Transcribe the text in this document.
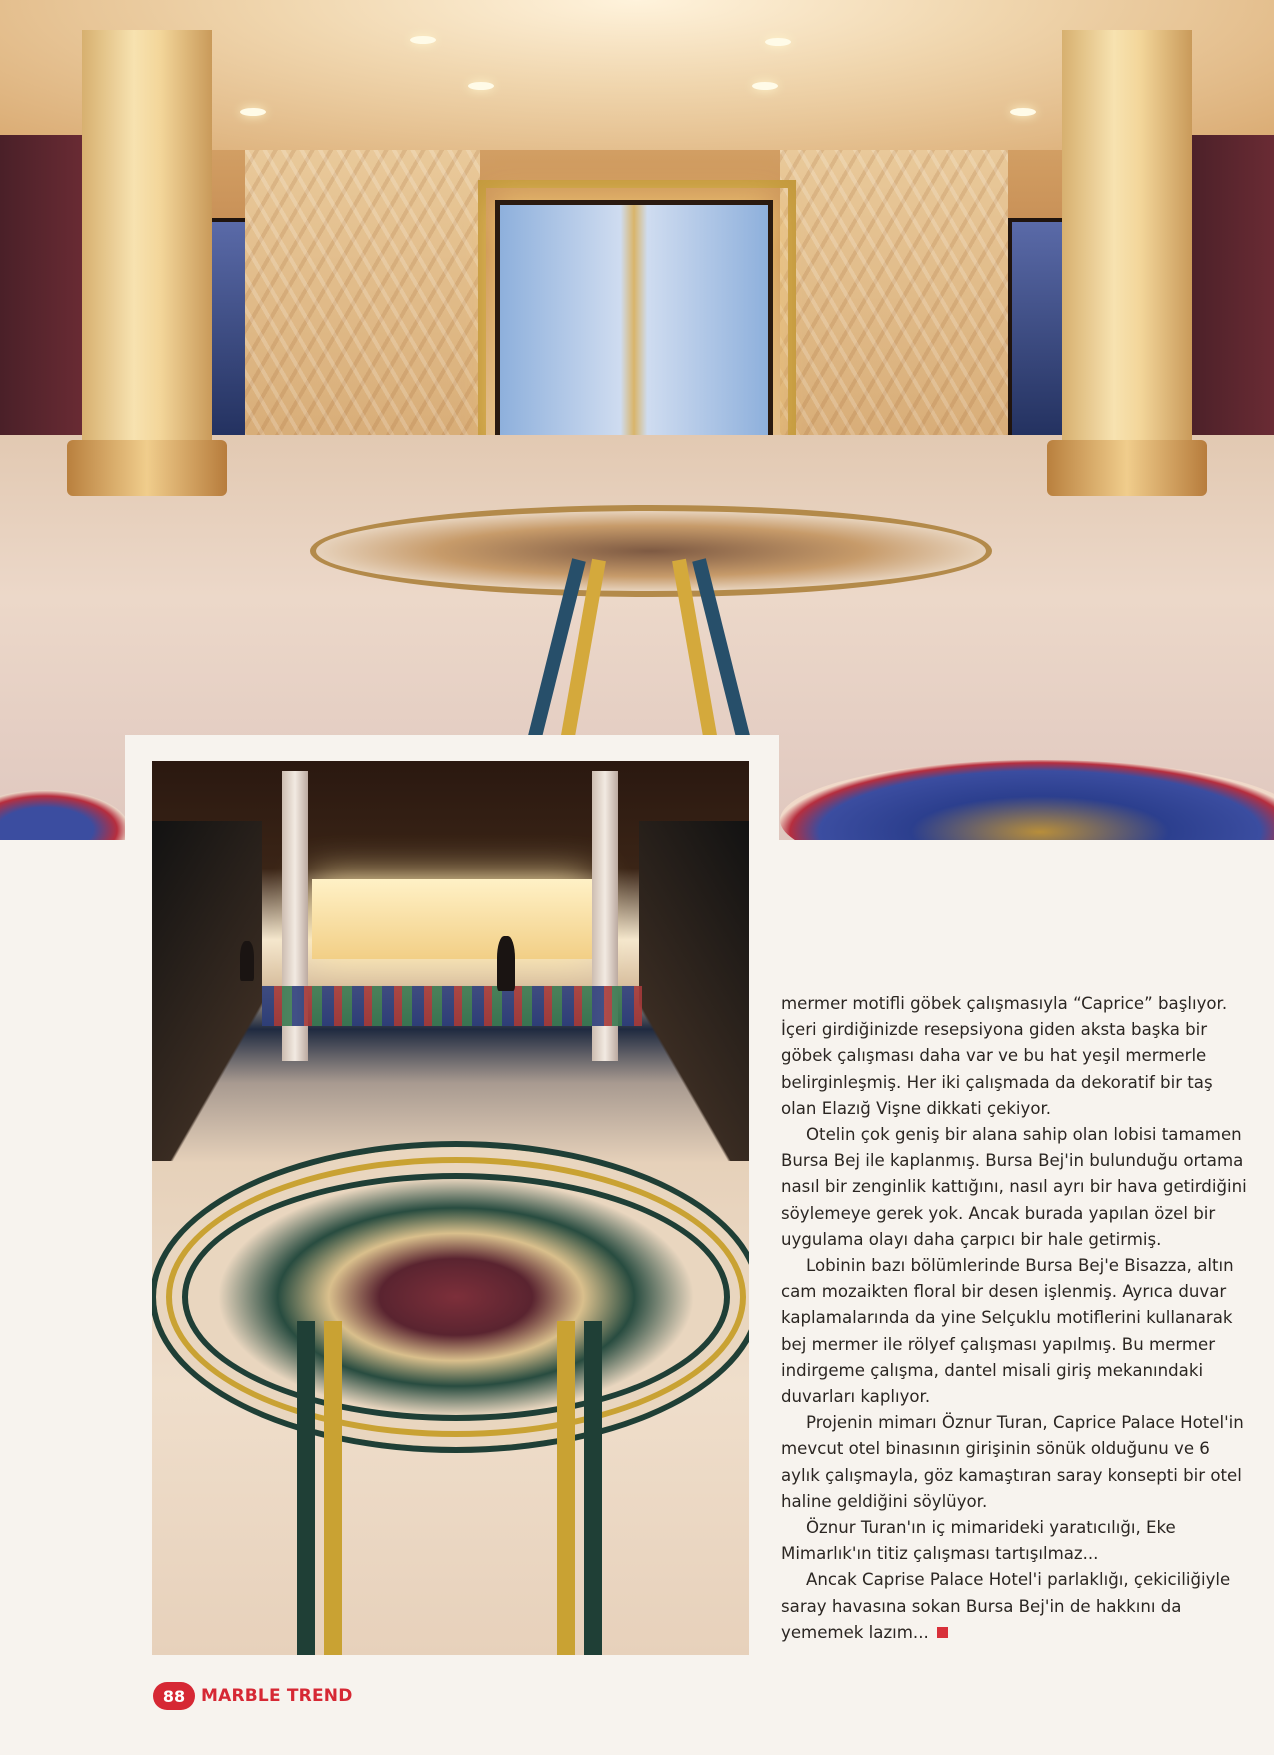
mermer motifli göbek çalışmasıyla “Caprice” başlıyor. İçeri girdiğinizde resepsiyona giden aksta başka bir göbek çalışması daha var ve bu hat yeşil mermerle belirginleşmiş. Her iki çalışmada da dekoratif bir taş olan Elazığ Vişne dikkati çekiyor.

Otelin çok geniş bir alana sahip olan lobisi tamamen Bursa Bej ile kaplanmış. Bursa Bej'in bulunduğu ortama nasıl bir zenginlik kattığını, nasıl ayrı bir hava getirdiğini söylemeye gerek yok. Ancak burada yapılan özel bir uygulama olayı daha çarpıcı bir hale getirmiş.

Lobinin bazı bölümlerinde Bursa Bej'e Bisazza, altın cam mozaikten floral bir desen işlenmiş. Ayrıca duvar kaplamalarında da yine Selçuklu motiflerini kullanarak bej mermer ile rölyef çalışması yapılmış. Bu mermer indirgeme çalışma, dantel misali giriş mekanındaki duvarları kaplıyor.

Projenin mimarı Öznur Turan, Caprice Palace Hotel'in mevcut otel binasının girişinin sönük olduğunu ve 6 aylık çalışmayla, göz kamaştıran saray konsepti bir otel haline geldiğini söylüyor.

Öznur Turan'ın iç mimarideki yaratıcılığı, Eke Mimarlık'ın titiz çalışması tartışılmaz...

Ancak Caprise Palace Hotel'i parlaklığı, çekiciliğiyle saray havasına sokan Bursa Bej'in de hakkını da yememek lazım...

88 MARBLE TREND
